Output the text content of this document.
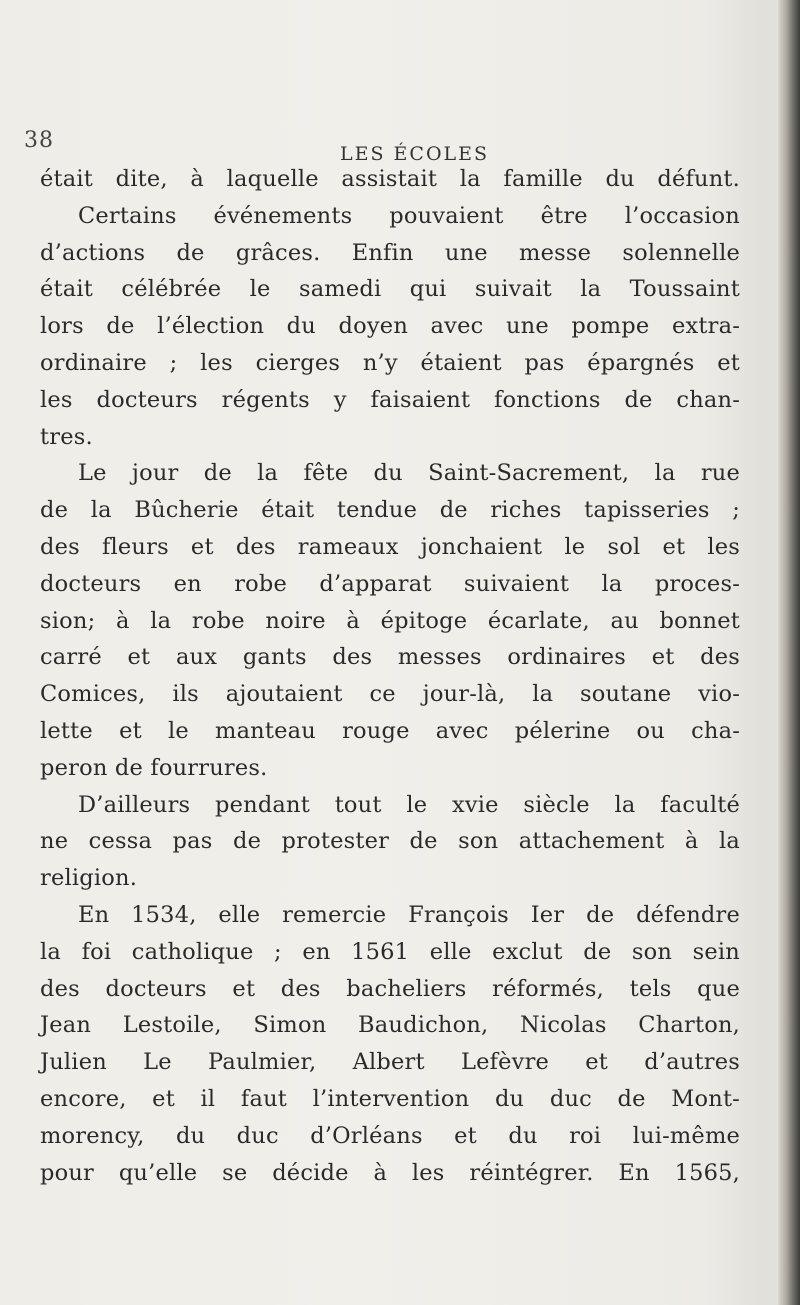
38
LES ÉCOLES
était dite, à laquelle assistait la famille du défunt.
Certains événements pouvaient être l’occasion
d’actions de grâces. Enfin une messe solennelle
était célébrée le samedi qui suivait la Toussaint
lors de l’élection du doyen avec une pompe extra-
ordinaire ; les cierges n’y étaient pas épargnés et
les docteurs régents y faisaient fonctions de chan-
tres.
Le jour de la fête du Saint-Sacrement, la rue
de la Bûcherie était tendue de riches tapisseries ;
des fleurs et des rameaux jonchaient le sol et les
docteurs en robe d’apparat suivaient la proces-
sion; à la robe noire à épitoge écarlate, au bonnet
carré et aux gants des messes ordinaires et des
Comices, ils ajoutaient ce jour-là, la soutane vio-
lette et le manteau rouge avec pélerine ou cha-
peron de fourrures.
D’ailleurs pendant tout le xvie siècle la faculté
ne cessa pas de protester de son attachement à la
religion.
En 1534, elle remercie François Ier de défendre
la foi catholique ; en 1561 elle exclut de son sein
des docteurs et des bacheliers réformés, tels que
Jean Lestoile, Simon Baudichon, Nicolas Charton,
Julien Le Paulmier, Albert Lefèvre et d’autres
encore, et il faut l’intervention du duc de Mont-
morency, du duc d’Orléans et du roi lui-même
pour qu’elle se décide à les réintégrer. En 1565,
